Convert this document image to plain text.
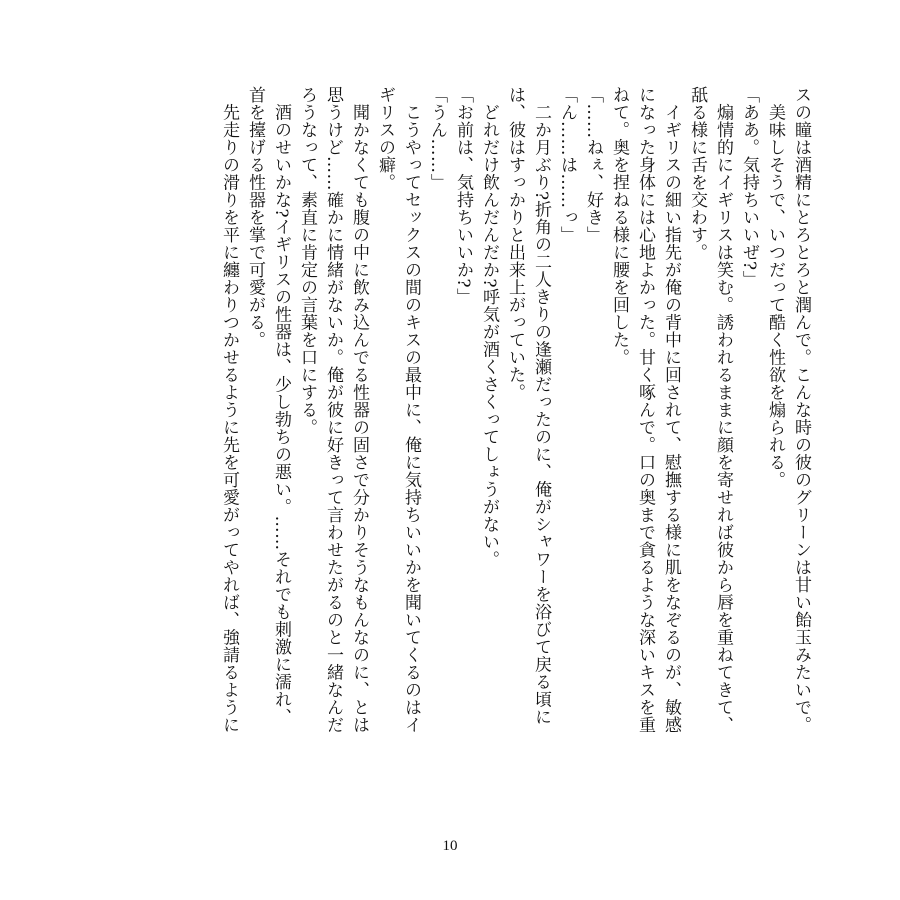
スの瞳は酒精にとろとろと潤んで。こんな時の彼のグリーンは甘い飴玉みたいで。
　美味しそうで、いつだって酷く性欲を煽られる。
「ああ。気持ちいいぜ?」
　煽情的にイギリスは笑む。誘われるままに顔を寄せれば彼から唇を重ねてきて、
舐る様に舌を交わす。
　イギリスの細い指先が俺の背中に回されて、慰撫する様に肌をなぞるのが、敏感
になった身体には心地よかった。甘く啄んで。口の奥まで貪るような深いキスを重
ねて。奥を捏ねる様に腰を回した。
「……ねぇ、好き」
「ん……は……っ」
　二か月ぶり?折角の二人きりの逢瀬だったのに、俺がシャワーを浴びて戻る頃に
は、彼はすっかりと出来上がっていた。
　どれだけ飲んだんだか?呼気が酒くさくってしょうがない。
「お前は、気持ちいいか?」
「うん……」
　こうやってセックスの間のキスの最中に、俺に気持ちいいかを聞いてくるのはイ
ギリスの癖。
　聞かなくても腹の中に飲み込んでる性器の固さで分かりそうなもんなのに、とは
思うけど……確かに情緒がないか。俺が彼に好きって言わせたがるのと一緒なんだ
ろうなって、素直に肯定の言葉を口にする。
　酒のせいかな?イギリスの性器は、少し勃ちの悪い。……それでも刺激に濡れ、
首を擡げる性器を掌で可愛がる。
　先走りの滑りを平に纏わりつかせるように先を可愛がってやれば、強請るように
10
